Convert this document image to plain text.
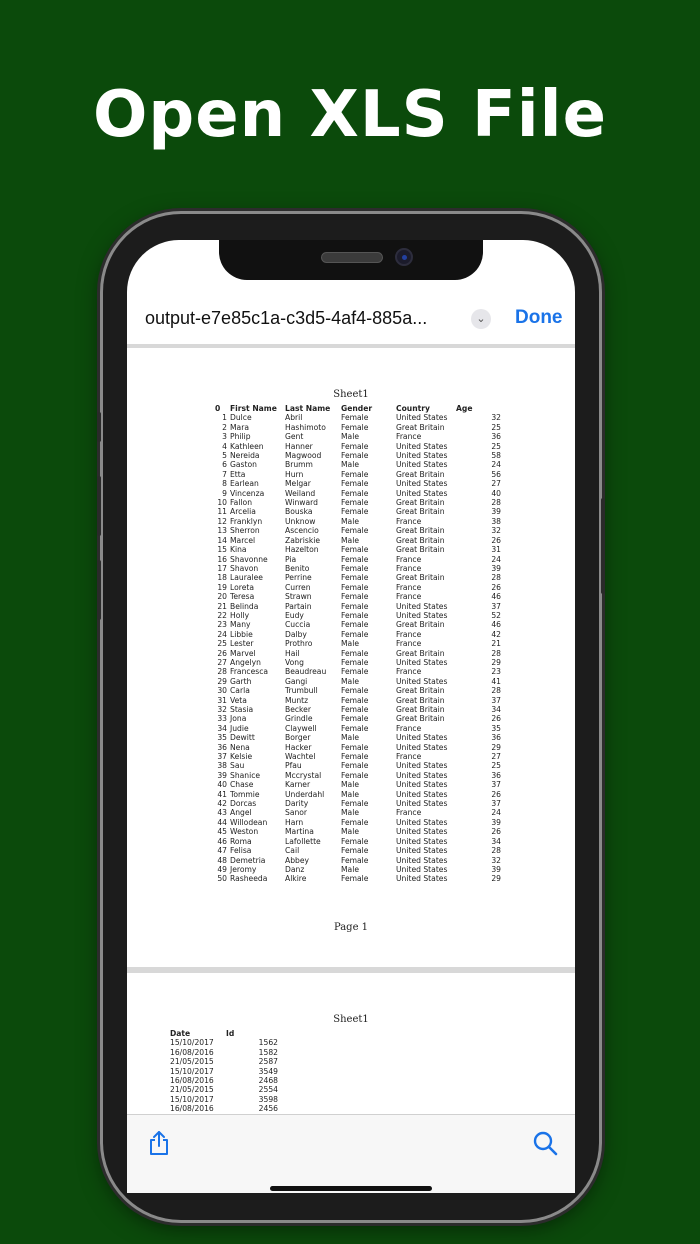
Open XLS File
output-e7e85c1a-c3d5-4af4-885a...	⌄ Done
Sheet1
0	First Name	Last Name	Gender	Country	Age
1	Dulce	Abril	Female	United States	32
2	Mara	Hashimoto	Female	Great Britain	25
3	Philip	Gent	Male	France	36
4	Kathleen	Hanner	Female	United States	25
5	Nereida	Magwood	Female	United States	58
6	Gaston	Brumm	Male	United States	24
7	Etta	Hurn	Female	Great Britain	56
8	Earlean	Melgar	Female	United States	27
9	Vincenza	Weiland	Female	United States	40
10	Fallon	Winward	Female	Great Britain	28
11	Arcelia	Bouska	Female	Great Britain	39
12	Franklyn	Unknow	Male	France	38
13	Sherron	Ascencio	Female	Great Britain	32
14	Marcel	Zabriskie	Male	Great Britain	26
15	Kina	Hazelton	Female	Great Britain	31
16	Shavonne	Pia	Female	France	24
17	Shavon	Benito	Female	France	39
18	Lauralee	Perrine	Female	Great Britain	28
19	Loreta	Curren	Female	France	26
20	Teresa	Strawn	Female	France	46
21	Belinda	Partain	Female	United States	37
22	Holly	Eudy	Female	United States	52
23	Many	Cuccia	Female	Great Britain	46
24	Libbie	Dalby	Female	France	42
25	Lester	Prothro	Male	France	21
26	Marvel	Hail	Female	Great Britain	28
27	Angelyn	Vong	Female	United States	29
28	Francesca	Beaudreau	Female	France	23
29	Garth	Gangi	Male	United States	41
30	Carla	Trumbull	Female	Great Britain	28
31	Veta	Muntz	Female	Great Britain	37
32	Stasia	Becker	Female	Great Britain	34
33	Jona	Grindle	Female	Great Britain	26
34	Judie	Claywell	Female	France	35
35	Dewitt	Borger	Male	United States	36
36	Nena	Hacker	Female	United States	29
37	Kelsie	Wachtel	Female	France	27
38	Sau	Pfau	Female	United States	25
39	Shanice	Mccrystal	Female	United States	36
40	Chase	Karner	Male	United States	37
41	Tommie	Underdahl	Male	United States	26
42	Dorcas	Darity	Female	United States	37
43	Angel	Sanor	Male	France	24
44	Willodean	Harn	Female	United States	39
45	Weston	Martina	Male	United States	26
46	Roma	Lafollette	Female	United States	34
47	Felisa	Cail	Female	United States	28
48	Demetria	Abbey	Female	United States	32
49	Jeromy	Danz	Male	United States	39
50	Rasheeda	Alkire	Female	United States	29
Page 1
Sheet1
Date	Id
15/10/2017	1562
16/08/2016	1582
21/05/2015	2587
15/10/2017	3549
16/08/2016	2468
21/05/2015	2554
15/10/2017	3598
16/08/2016	2456
